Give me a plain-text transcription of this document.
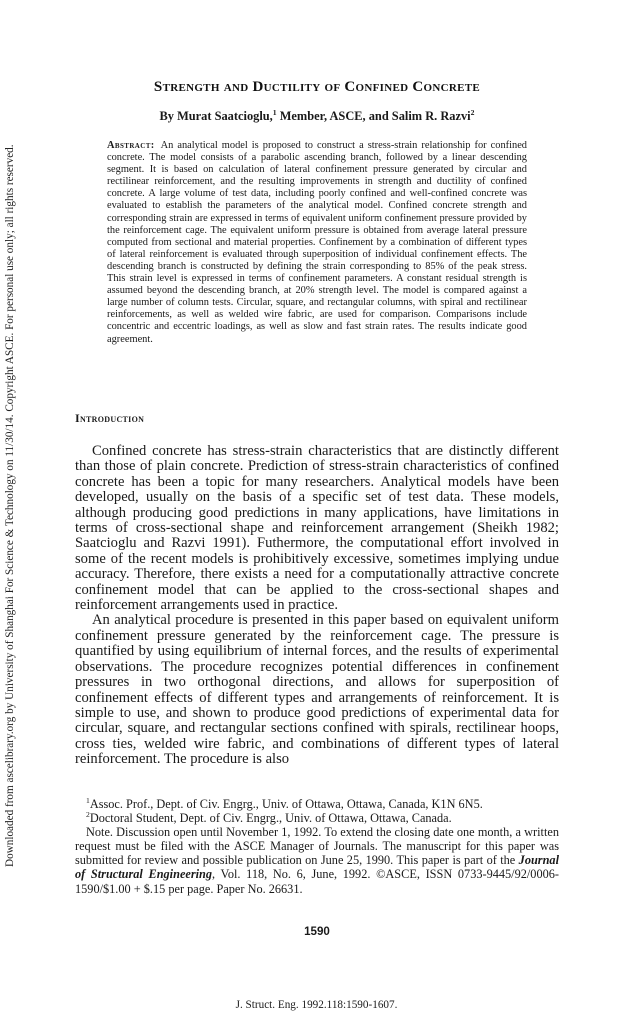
Downloaded from ascelibrary.org by University of Shanghai For Science & Technology on 11/30/14. Copyright ASCE. For personal use only; all rights reserved.
Strength and Ductility of Confined Concrete
By Murat Saatcioglu,$^1$ Member, ASCE, and Salim R. Razvi$^2$
Abstract: An analytical model is proposed to construct a stress-strain relationship for confined concrete. The model consists of a parabolic ascending branch, followed by a linear descending segment. It is based on calculation of lateral confinement pressure generated by circular and rectilinear reinforcement, and the resulting improvements in strength and ductility of confined concrete. A large volume of test data, including poorly confined and well-confined concrete was evaluated to establish the parameters of the analytical model. Confined concrete strength and corresponding strain are expressed in terms of equivalent uniform confinement pressure provided by the reinforcement cage. The equivalent uniform pressure is obtained from average lateral pressure computed from sectional and material properties. Confinement by a combination of different types of lateral reinforcement is evaluated through superposition of individual confinement effects. The descending branch is constructed by defining the strain corresponding to 85% of the peak stress. This strain level is expressed in terms of confinement parameters. A constant residual strength is assumed beyond the descending branch, at 20% strength level. The model is compared against a large number of column tests. Circular, square, and rectangular columns, with spiral and rectilinear reinforcements, as well as welded wire fabric, are used for comparison. Comparisons include concentric and eccentric loadings, as well as slow and fast strain rates. The results indicate good agreement.
Introduction

Confined concrete has stress-strain characteristics that are distinctly different than those of plain concrete. Prediction of stress-strain characteristics of confined concrete has been a topic for many researchers. Analytical models have been developed, usually on the basis of a specific set of test data. These models, although producing good predictions in many applications, have limitations in terms of cross-sectional shape and reinforcement arrangement (Sheikh 1982; Saatcioglu and Razvi 1991). Futhermore, the computational effort involved in some of the recent models is prohibitively excessive, sometimes implying undue accuracy. Therefore, there exists a need for a computationally attractive concrete confinement model that can be applied to the cross-sectional shapes and reinforcement arrangements used in practice.

An analytical procedure is presented in this paper based on equivalent uniform confinement pressure generated by the reinforcement cage. The pressure is quantified by using equilibrium of internal forces, and the results of experimental observations. The procedure recognizes potential differences in confinement pressures in two orthogonal directions, and allows for superposition of confinement effects of different types and arrangements of reinforcement. It is simple to use, and shown to produce good predictions of experimental data for circular, square, and rectangular sections confined with spirals, rectilinear hoops, cross ties, welded wire fabric, and combinations of different types of lateral reinforcement. The procedure is also

$^1$Assoc. Prof., Dept. of Civ. Engrg., Univ. of Ottawa, Ottawa, Canada, K1N 6N5.

$^2$Doctoral Student, Dept. of Civ. Engrg., Univ. of Ottawa, Ottawa, Canada.

Note. Discussion open until November 1, 1992. To extend the closing date one month, a written request must be filed with the ASCE Manager of Journals. The manuscript for this paper was submitted for review and possible publication on June 25, 1990. This paper is part of the Journal of Structural Engineering, Vol. 118, No. 6, June, 1992. ©ASCE, ISSN 0733-9445/92/0006-1590/$1.00 + $.15 per page. Paper No. 26631.

1590
J. Struct. Eng. 1992.118:1590-1607.
